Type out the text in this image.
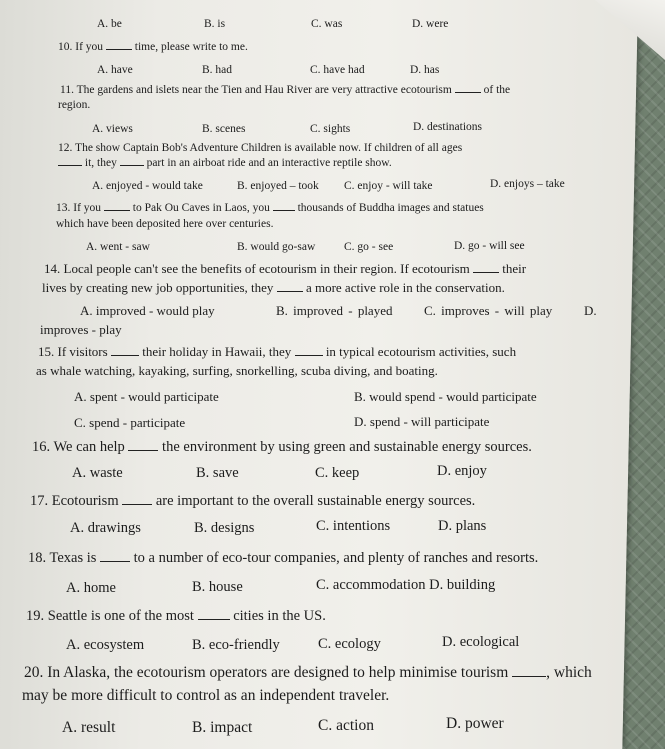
A. be	B. is	C. was	D. were
10. If you	time, please write to me.
A. have	B. had	C. have had	D. has
11. The gardens and islets near the Tien and Hau River are very attractive ecotourism	of the
region.
A. views	B. scenes	C. sights	D. destinations
12. The show Captain Bob's Adventure Children is available now. If children of all ages
it, they	part in an airboat ride and an interactive reptile show.
A. enjoyed - would take	B. enjoyed – took C. enjoy - will take	D. enjoys – take
13. If you	to Pak Ou Caves in Laos, you thousands of Buddha images and statues
which have been deposited here over centuries.
A. went - saw	B. would go-saw C. go - see	D. go - will see
14. Local people can't see the benefits of ecotourism in their region. If ecotourism	their
lives by creating new job opportunities, they	a more active role in the conservation.
A. improved - would play	B. improved - played C. improves - will play D.
improves - play
15. If visitors	their holiday in Hawaii, they	in typical ecotourism activities, such
as whale watching, kayaking, surfing, snorkelling, scuba diving, and boating.
A. spent - would participate	B. would spend - would participate
C. spend - participate	D. spend - will participate
16. We can help	the environment by using green and sustainable energy sources.
A. waste	B. save	C. keep	D. enjoy
17. Ecotourism	are important to the overall sustainable energy sources.
A. drawings	B. designs	C. intentions	D. plans
18. Texas is	to a number of eco-tour companies, and plenty of ranches and resorts.
A. home	B. house	C. accommodation D. building
19. Seattle is one of the most	cities in the US.
A. ecosystem	B. eco-friendly	C. ecology	D. ecological
20. In Alaska, the ecotourism operators are designed to help minimise tourism , which
may be more difficult to control as an independent traveler.
A. result	B. impact	C. action	D. power
